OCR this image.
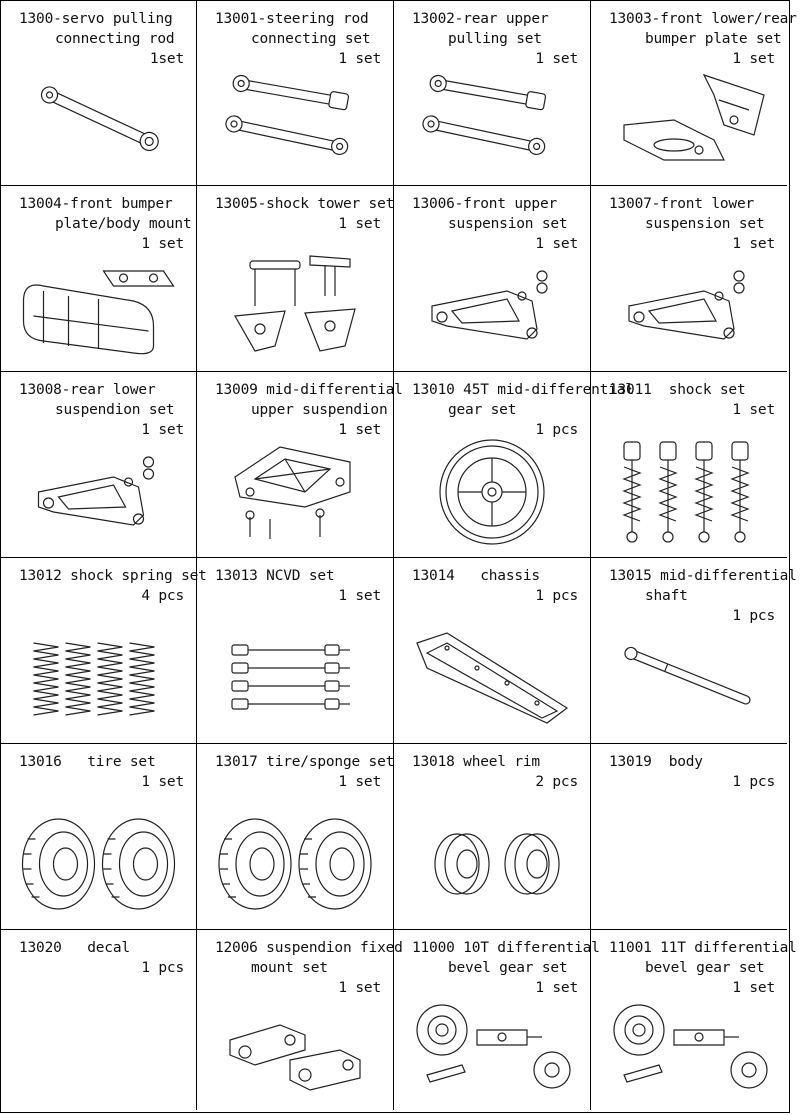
1300-servo pulling
connecting rod
1set
13001-steering rod
connecting set
1 set
13002-rear upper
pulling set
1 set
13003-front lower/rear
bumper plate set
1 set
13004-front bumper
plate/body mount
1 set
13005-shock tower set
1 set
13006-front upper
suspension set
1 set
13007-front lower
suspension set
1 set
13008-rear lower
suspendion set
1 set
13009 mid-differential
upper suspendion
1 set
13010 45T mid-differential
gear set
1 pcs
13011  shock set
1 set
13012 shock spring set
4 pcs
13013 NCVD set
1 set
13014   chassis
1 pcs
13015 mid-differential
shaft
1 pcs
13016   tire set
1 set
13017 tire/sponge set
1 set
13018 wheel rim
2 pcs
13019  body
1 pcs
13020   decal
1 pcs
12006 suspendion fixed
mount set
1 set
11000 10T differential
bevel gear set
1 set
11001 11T differential
bevel gear set
1 set
